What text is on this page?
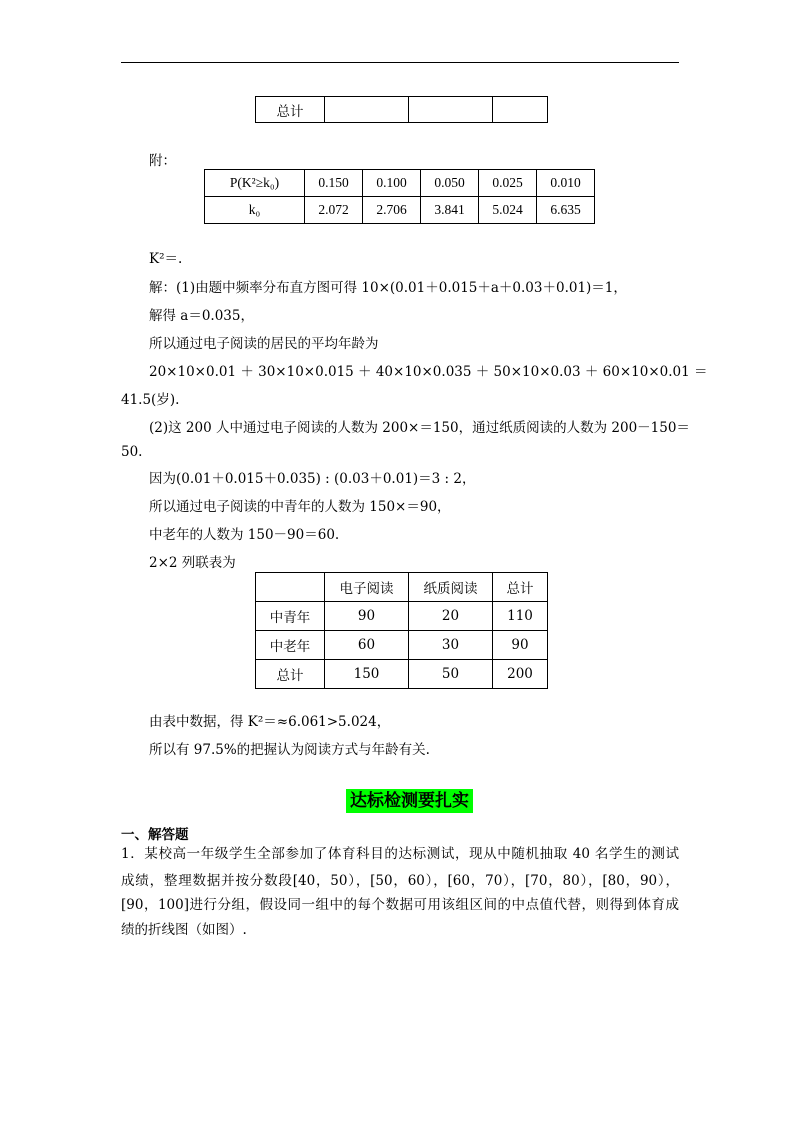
总计			
附：
P(K²≥k₀)	0.150	0.100	0.050	0.025	0.010
k₀	2.072	2.706	3.841	5.024	6.635
K²＝.
解：(1)由题中频率分布直方图可得 10×(0.01＋0.015＋a＋0.03＋0.01)＝1，
解得 a＝0.035，
所以通过电子阅读的居民的平均年龄为
20×10×0.01 ＋ 30×10×0.015 ＋ 40×10×0.035 ＋ 50×10×0.03 ＋ 60×10×0.01 ＝
41.5(岁).
(2)这 200 人中通过电子阅读的人数为 200×＝150，通过纸质阅读的人数为 200－150＝
50.
因为(0.01＋0.015＋0.035) : (0.03＋0.01)＝3 : 2，
所以通过电子阅读的中青年的人数为 150×＝90，
中老年的人数为 150－90＝60.
2×2 列联表为
	电子阅读	纸质阅读	总计
中青年	90	20	110
中老年	60	30	90
总计	150	50	200
由表中数据，得 K²＝≈6.061>5.024，
所以有 97.5%的把握认为阅读方式与年龄有关.
达标检测要扎实
一、解答题
1．某校高一年级学生全部参加了体育科目的达标测试，现从中随机抽取 40 名学生的测试
成绩，整理数据并按分数段[40，50），[50，60），[60，70），[70，80），[80，90），
[90，100]进行分组，假设同一组中的每个数据可用该组区间的中点值代替，则得到体育成
绩的折线图（如图）.
